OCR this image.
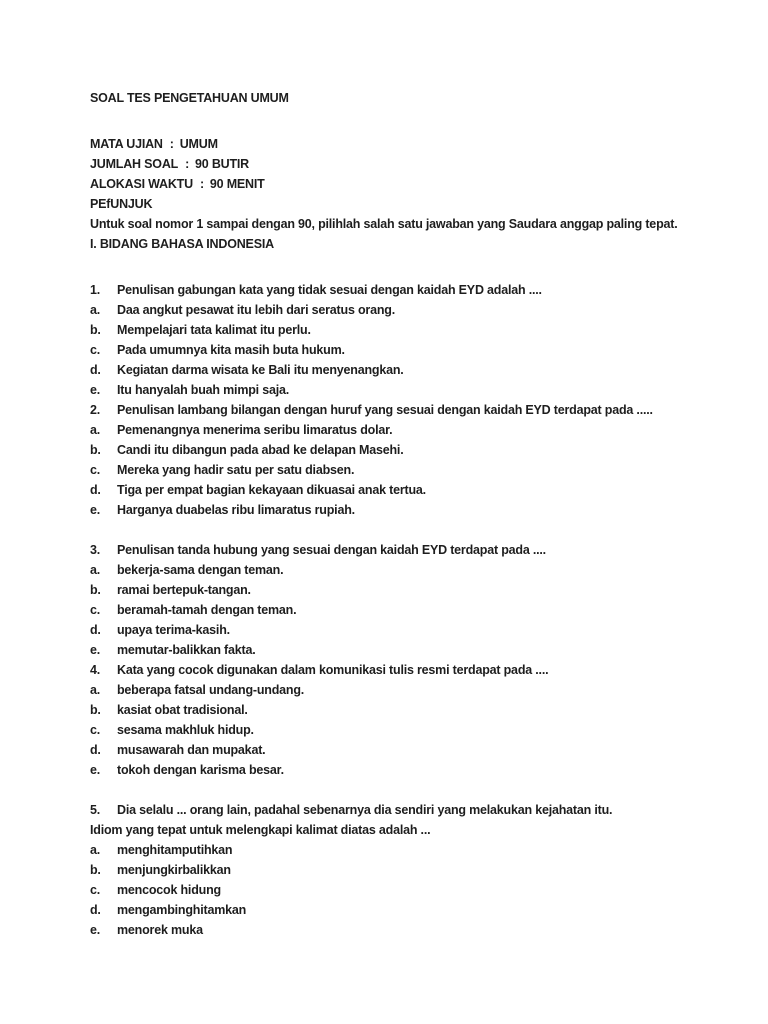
SOAL TES PENGETAHUAN UMUM
MATA UJIAN : UMUM
JUMLAH SOAL : 90 BUTIR
ALOKASI WAKTU : 90 MENIT
PEfUNJUK
Untuk soal nomor 1 sampai dengan 90, pilihlah salah satu jawaban yang Saudara anggap paling tepat.
I. BIDANG BAHASA INDONESIA
1. Penulisan gabungan kata yang tidak sesuai dengan kaidah EYD adalah ....
a. Daa angkut pesawat itu lebih dari seratus orang.
b. Mempelajari tata kalimat itu perlu.
c. Pada umumnya kita masih buta hukum.
d. Kegiatan darma wisata ke Bali itu menyenangkan.
e. Itu hanyalah buah mimpi saja.
2. Penulisan lambang bilangan dengan huruf yang sesuai dengan kaidah EYD terdapat pada .....
a. Pemenangnya menerima seribu limaratus dolar.
b. Candi itu dibangun pada abad ke delapan Masehi.
c. Mereka yang hadir satu per satu diabsen.
d. Tiga per empat bagian kekayaan dikuasai anak tertua.
e. Harganya duabelas ribu limaratus rupiah.
3. Penulisan tanda hubung yang sesuai dengan kaidah EYD terdapat pada ....
a. bekerja-sama dengan teman.
b. ramai bertepuk-tangan.
c. beramah-tamah dengan teman.
d. upaya terima-kasih.
e. memutar-balikkan fakta.
4. Kata yang cocok digunakan dalam komunikasi tulis resmi terdapat pada ....
a. beberapa fatsal undang-undang.
b. kasiat obat tradisional.
c. sesama makhluk hidup.
d. musawarah dan mupakat.
e. tokoh dengan karisma besar.
5. Dia selalu ... orang lain, padahal sebenarnya dia sendiri yang melakukan kejahatan itu.
Idiom yang tepat untuk melengkapi kalimat diatas adalah ...
a. menghitamputihkan
b. menjungkirbalikkan
c. mencocok hidung
d. mengambinghitamkan
e. menorek muka
